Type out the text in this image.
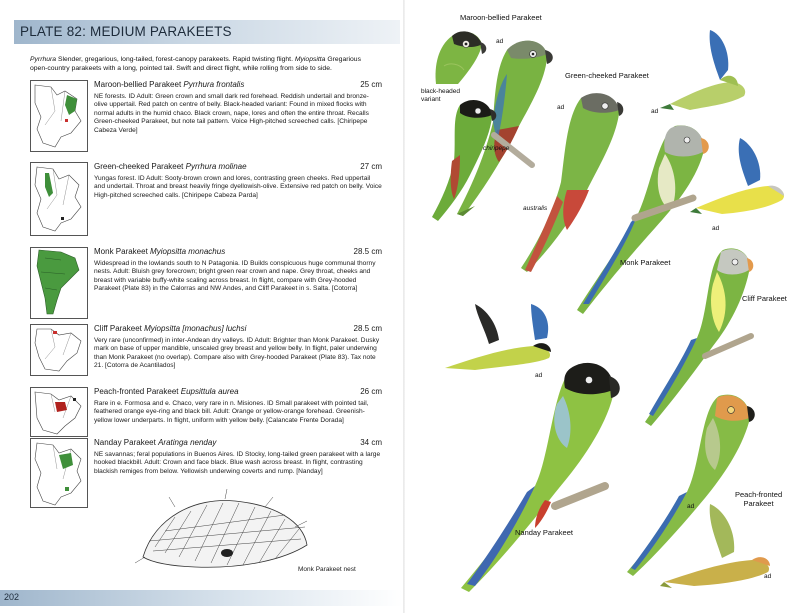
PLATE 82: MEDIUM PARAKEETS
Pyrrhura Slender, gregarious, long-tailed, forest-canopy parakeets. Rapid twisting flight. Myiopsitta Gregarious open-country parakeets with a long, pointed tail. Swift and direct flight, while rolling from side to side.
Maroon-bellied Parakeet Pyrrhura frontalis	25 cm
NE forests. ID Adult: Green crown and small dark red forehead. Reddish undertail and bronze-olive uppertail. Red patch on centre of belly. Black-headed variant: Found in mixed flocks with normal adults in the humid chaco. Black crown, nape, lores and often the entire throat. Recalls Green-cheeked Parakeet, but note tail pattern. Voice High-pitched screeched calls. [Chiripepe Cabeza Verde]
Green-cheeked Parakeet Pyrrhura molinae	27 cm
Yungas forest. ID Adult: Sooty-brown crown and lores, contrasting green cheeks. Red uppertail and undertail. Throat and breast heavily fringe dyellowish-olive. Extensive red patch on belly. Voice High-pitched screeched calls. [Chiripepe Cabeza Parda]
Monk Parakeet Myiopsitta monachus	28.5 cm
Widespread in the lowlands south to N Patagonia. ID Builds conspicuous huge communal thorny nests. Adult: Bluish grey forecrown; bright green rear crown and nape. Grey throat, cheeks and breast with variable buffy-white scaling across breast. In flight, compare with Grey-hooded Parakeet (Plate 83) in the Calorras and NW Andes, and Cliff Parakeet in s. Salta. [Cotorra]
Cliff Parakeet Myiopsitta [monachus] luchsi	28.5 cm
Very rare (unconfirmed) in inter-Andean dry valleys. ID Adult: Brighter than Monk Parakeet. Dusky mark on base of upper mandible, unscaled grey breast and yellow belly. In flight, paler underwing than Monk Parakeet (no overlap). Compare also with Grey-hooded Parakeet (Plate 83). Tax note 21. [Cotorra de Acantilados]
Peach-fronted Parakeet Eupsittula aurea	26 cm
Rare in e. Formosa and e. Chaco, very rare in n. Misiones. ID Small parakeet with pointed tail, feathered orange eye-ring and black bill. Adult: Orange or yellow-orange forehead. Greenish-yellow lower underparts. In flight, uniform with yellow belly. [Calancate Frente Dorada]
Nanday Parakeet Aratinga nenday	34 cm
NE savannas; feral populations in Buenos Aires. ID Stocky, long-tailed green parakeet with a large hooked blackbill. Adult: Crown and face black. Blue wash across breast. In flight, contrasting blackish remiges from below. Yellowish underwing coverts and rump. [Nanday]
Monk Parakeet nest
202
ad
black-headed
variant
chiripepe
Maroon-bellied Parakeet
ad
australis
Green-cheeked Parakeet
ad
Monk Parakeet
ad
Cliff Parakeet
ad
Nanday Parakeet
ad
Peach-fronted
Parakeet
ad
